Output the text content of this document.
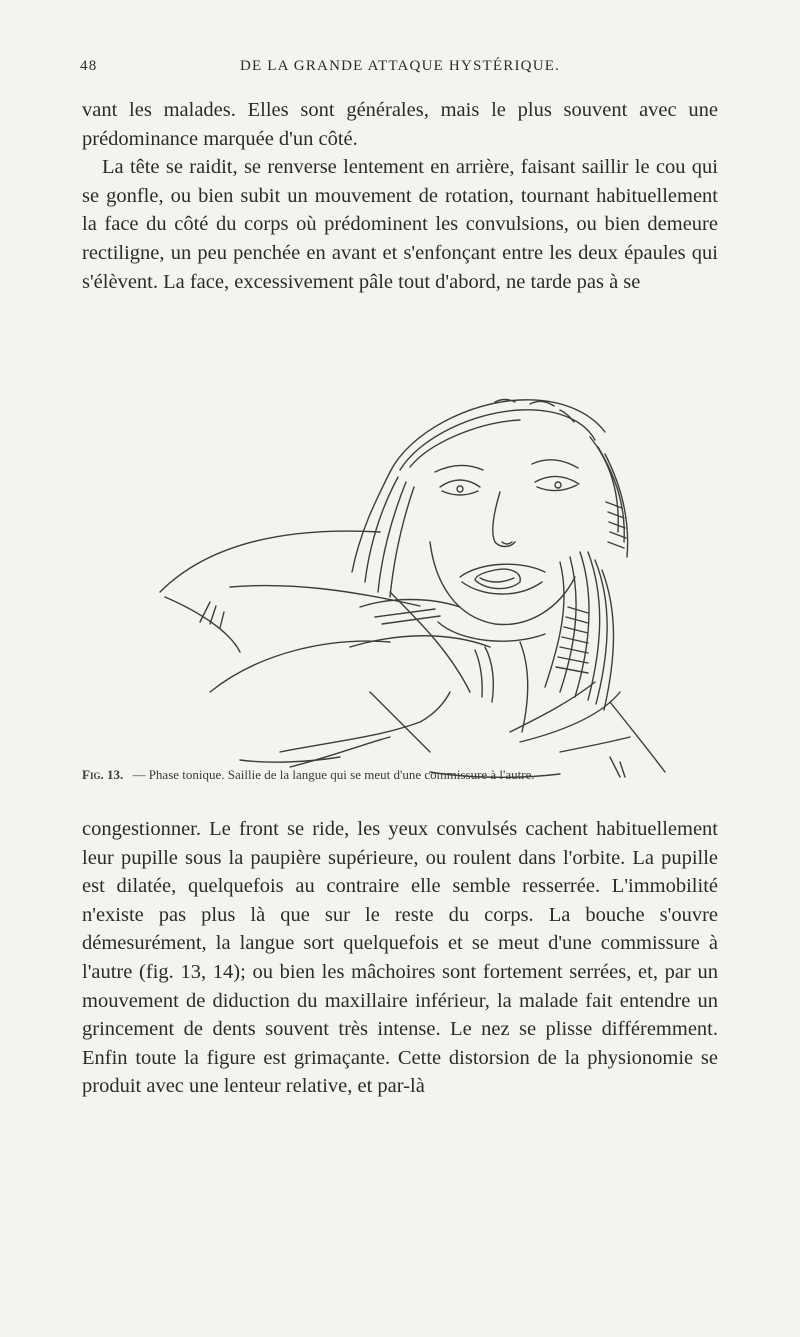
48	DE LA GRANDE ATTAQUE HYSTÉRIQUE.

vant les malades. Elles sont générales, mais le plus souvent avec une prédominance marquée d'un côté.

La tête se raidit, se renverse lentement en arrière, faisant saillir le cou qui se gonfle, ou bien subit un mouvement de rotation, tournant habituellement la face du côté du corps où prédominent les convulsions, ou bien demeure rectiligne, un peu penchée en avant et s'enfonçant entre les deux épaules qui s'élèvent. La face, excessivement pâle tout d'abord, ne tarde pas à se

Fig. 13. — Phase tonique. Saillie de la langue qui se meut d'une commissure à l'autre.

congestionner. Le front se ride, les yeux convulsés cachent habituellement leur pupille sous la paupière supérieure, ou roulent dans l'orbite. La pupille est dilatée, quelquefois au contraire elle semble resserrée. L'immobilité n'existe pas plus là que sur le reste du corps. La bouche s'ouvre démesurément, la langue sort quelquefois et se meut d'une commissure à l'autre (fig. 13, 14); ou bien les mâchoires sont fortement serrées, et, par un mouvement de diduction du maxillaire inférieur, la malade fait entendre un grincement de dents souvent très intense. Le nez se plisse différemment. Enfin toute la figure est grimaçante. Cette distorsion de la physionomie se produit avec une lenteur relative, et par-là
